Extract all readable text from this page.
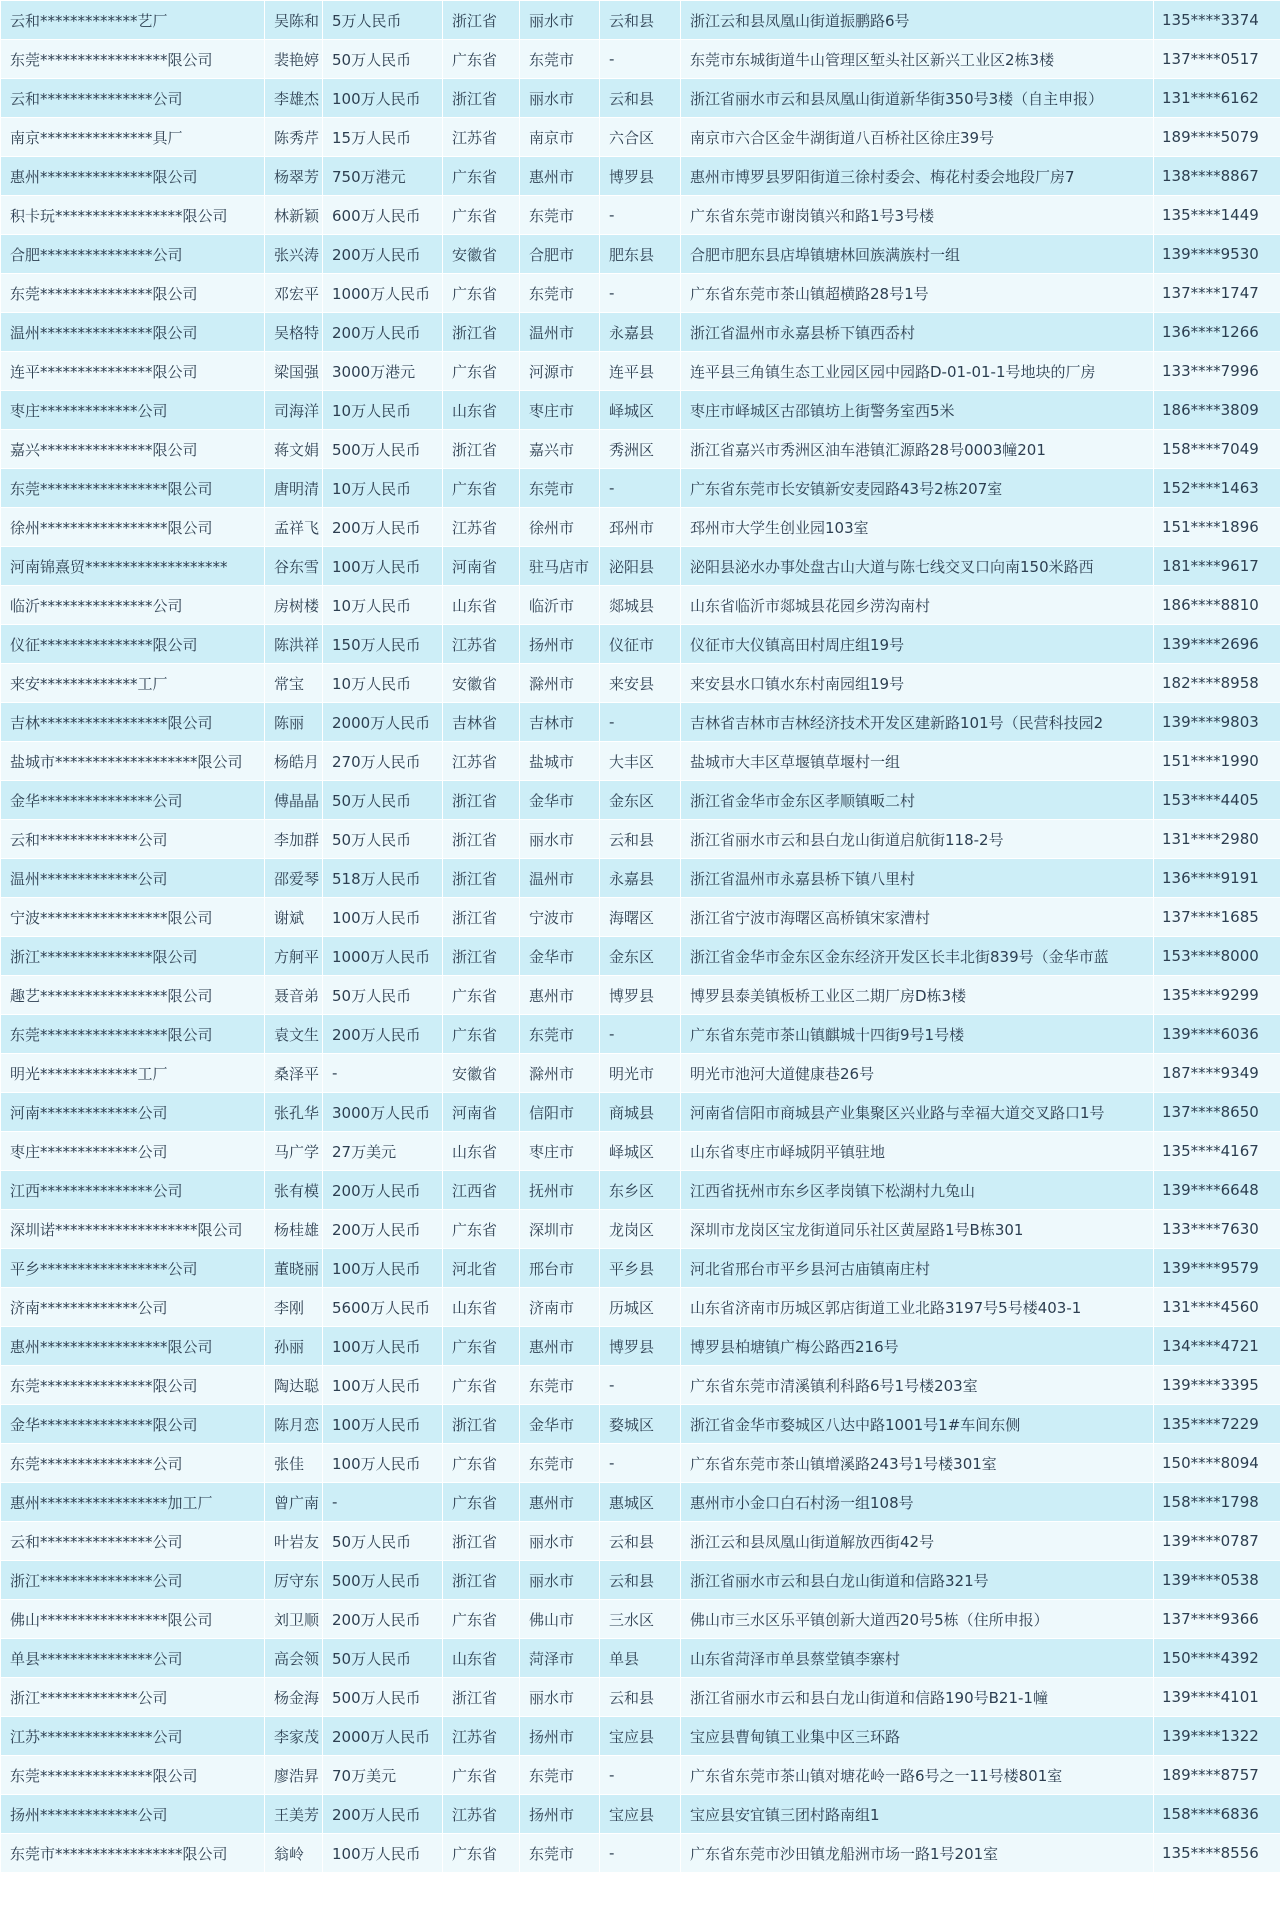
云和*************艺厂	吴陈和	5万人民币	浙江省	丽水市	云和县	浙江云和县凤凰山街道振鹏路6号	135****3374
东莞*****************限公司	裴艳婷	50万人民币	广东省	东莞市	-	东莞市东城街道牛山管理区堑头社区新兴工业区2栋3楼	137****0517
云和***************公司	李雄杰	100万人民币	浙江省	丽水市	云和县	浙江省丽水市云和县凤凰山街道新华街350号3楼（自主申报）	131****6162
南京***************具厂	陈秀芹	15万人民币	江苏省	南京市	六合区	南京市六合区金牛湖街道八百桥社区徐庄39号	189****5079
惠州***************限公司	杨翠芳	750万港元	广东省	惠州市	博罗县	惠州市博罗县罗阳街道三徐村委会、梅花村委会地段厂房7	138****8867
积卡玩*****************限公司	林新颖	600万人民币	广东省	东莞市	-	广东省东莞市谢岗镇兴和路1号3号楼	135****1449
合肥***************公司	张兴涛	200万人民币	安徽省	合肥市	肥东县	合肥市肥东县店埠镇塘林回族满族村一组	139****9530
东莞***************限公司	邓宏平	1000万人民币	广东省	东莞市	-	广东省东莞市茶山镇超横路28号1号	137****1747
温州***************限公司	吴格特	200万人民币	浙江省	温州市	永嘉县	浙江省温州市永嘉县桥下镇西岙村	136****1266
连平***************限公司	梁国强	3000万港元	广东省	河源市	连平县	连平县三角镇生态工业园区园中园路D-01-01-1号地块的厂房	133****7996
枣庄*************公司	司海洋	10万人民币	山东省	枣庄市	峄城区	枣庄市峄城区古邵镇坊上街警务室西5米	186****3809
嘉兴***************限公司	蒋文娟	500万人民币	浙江省	嘉兴市	秀洲区	浙江省嘉兴市秀洲区油车港镇汇源路28号0003幢201	158****7049
东莞*****************限公司	唐明清	10万人民币	广东省	东莞市	-	广东省东莞市长安镇新安麦园路43号2栋207室	152****1463
徐州*****************限公司	孟祥飞	200万人民币	江苏省	徐州市	邳州市	邳州市大学生创业园103室	151****1896
河南锦熹贸*******************	谷东雪	100万人民币	河南省	驻马店市	泌阳县	泌阳县泌水办事处盘古山大道与陈七线交叉口向南150米路西	181****9617
临沂***************公司	房树楼	10万人民币	山东省	临沂市	郯城县	山东省临沂市郯城县花园乡涝沟南村	186****8810
仪征***************限公司	陈洪祥	150万人民币	江苏省	扬州市	仪征市	仪征市大仪镇高田村周庄组19号	139****2696
来安*************工厂	常宝	10万人民币	安徽省	滁州市	来安县	来安县水口镇水东村南园组19号	182****8958
吉林*****************限公司	陈丽	2000万人民币	吉林省	吉林市	-	吉林省吉林市吉林经济技术开发区建新路101号（民营科技园2	139****9803
盐城市*******************限公司	杨皓月	270万人民币	江苏省	盐城市	大丰区	盐城市大丰区草堰镇草堰村一组	151****1990
金华***************公司	傅晶晶	50万人民币	浙江省	金华市	金东区	浙江省金华市金东区孝顺镇畈二村	153****4405
云和*************公司	李加群	50万人民币	浙江省	丽水市	云和县	浙江省丽水市云和县白龙山街道启航街118-2号	131****2980
温州*************公司	邵爱琴	518万人民币	浙江省	温州市	永嘉县	浙江省温州市永嘉县桥下镇八里村	136****9191
宁波*****************限公司	谢斌	100万人民币	浙江省	宁波市	海曙区	浙江省宁波市海曙区高桥镇宋家漕村	137****1685
浙江***************限公司	方舸平	1000万人民币	浙江省	金华市	金东区	浙江省金华市金东区金东经济开发区长丰北街839号（金华市蓝	153****8000
趣艺*****************限公司	聂音弟	50万人民币	广东省	惠州市	博罗县	博罗县泰美镇板桥工业区二期厂房D栋3楼	135****9299
东莞*****************限公司	袁文生	200万人民币	广东省	东莞市	-	广东省东莞市茶山镇麒城十四街9号1号楼	139****6036
明光*************工厂	桑泽平	-	安徽省	滁州市	明光市	明光市池河大道健康巷26号	187****9349
河南*************公司	张孔华	3000万人民币	河南省	信阳市	商城县	河南省信阳市商城县产业集聚区兴业路与幸福大道交叉路口1号	137****8650
枣庄*************公司	马广学	27万美元	山东省	枣庄市	峄城区	山东省枣庄市峄城阴平镇驻地	135****4167
江西***************公司	张有模	200万人民币	江西省	抚州市	东乡区	江西省抚州市东乡区孝岗镇下松湖村九兔山	139****6648
深圳诺*******************限公司	杨桂雄	200万人民币	广东省	深圳市	龙岗区	深圳市龙岗区宝龙街道同乐社区黄屋路1号B栋301	133****7630
平乡*****************公司	董晓丽	100万人民币	河北省	邢台市	平乡县	河北省邢台市平乡县河古庙镇南庄村	139****9579
济南*************公司	李刚	5600万人民币	山东省	济南市	历城区	山东省济南市历城区郭店街道工业北路3197号5号楼403-1	131****4560
惠州*****************限公司	孙丽	100万人民币	广东省	惠州市	博罗县	博罗县柏塘镇广梅公路西216号	134****4721
东莞***************限公司	陶达聪	100万人民币	广东省	东莞市	-	广东省东莞市清溪镇利科路6号1号楼203室	139****3395
金华***************限公司	陈月恋	100万人民币	浙江省	金华市	婺城区	浙江省金华市婺城区八达中路1001号1#车间东侧	135****7229
东莞***************公司	张佳	100万人民币	广东省	东莞市	-	广东省东莞市茶山镇增溪路243号1号楼301室	150****8094
惠州*****************加工厂	曾广南	-	广东省	惠州市	惠城区	惠州市小金口白石村汤一组108号	158****1798
云和***************公司	叶岩友	50万人民币	浙江省	丽水市	云和县	浙江云和县凤凰山街道解放西街42号	139****0787
浙江***************公司	厉守东	500万人民币	浙江省	丽水市	云和县	浙江省丽水市云和县白龙山街道和信路321号	139****0538
佛山*****************限公司	刘卫顺	200万人民币	广东省	佛山市	三水区	佛山市三水区乐平镇创新大道西20号5栋（住所申报）	137****9366
单县***************公司	高会领	50万人民币	山东省	菏泽市	单县	山东省菏泽市单县蔡堂镇李寨村	150****4392
浙江*************公司	杨金海	500万人民币	浙江省	丽水市	云和县	浙江省丽水市云和县白龙山街道和信路190号B21-1幢	139****4101
江苏***************公司	李家茂	2000万人民币	江苏省	扬州市	宝应县	宝应县曹甸镇工业集中区三环路	139****1322
东莞***************限公司	廖浩昇	70万美元	广东省	东莞市	-	广东省东莞市茶山镇对塘花岭一路6号之一11号楼801室	189****8757
扬州*************公司	王美芳	200万人民币	江苏省	扬州市	宝应县	宝应县安宜镇三团村路南组1	158****6836
东莞市*****************限公司	翁岭	100万人民币	广东省	东莞市	-	广东省东莞市沙田镇龙船洲市场一路1号201室	135****8556
